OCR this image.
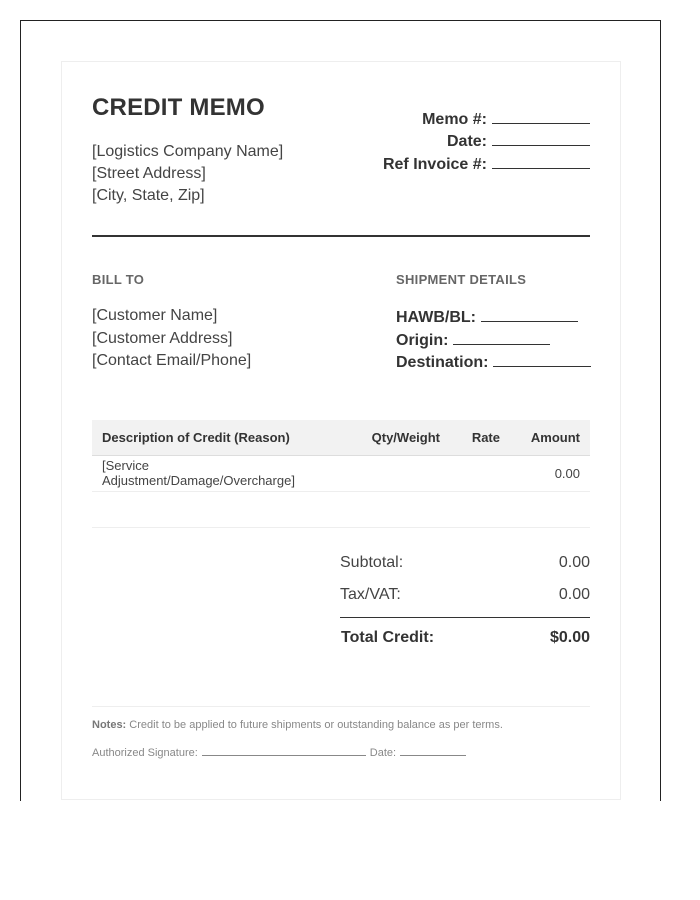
CREDIT MEMO
[Logistics Company Name]
[Street Address]
[City, State, Zip]
Memo #:
Date:
Ref Invoice #:
BILL TO
[Customer Name]
[Customer Address]
[Contact Email/Phone]
SHIPMENT DETAILS
HAWB/BL:
Origin:
Destination:
Description of Credit (Reason)	Qty/Weight	Rate	Amount
[Service Adjustment/Damage/Overcharge]			0.00

Subtotal:	0.00
Tax/VAT:	0.00
Total Credit:	$0.00
Notes: Credit to be applied to future shipments or outstanding balance as per terms.
Authorized Signature:	Date:
